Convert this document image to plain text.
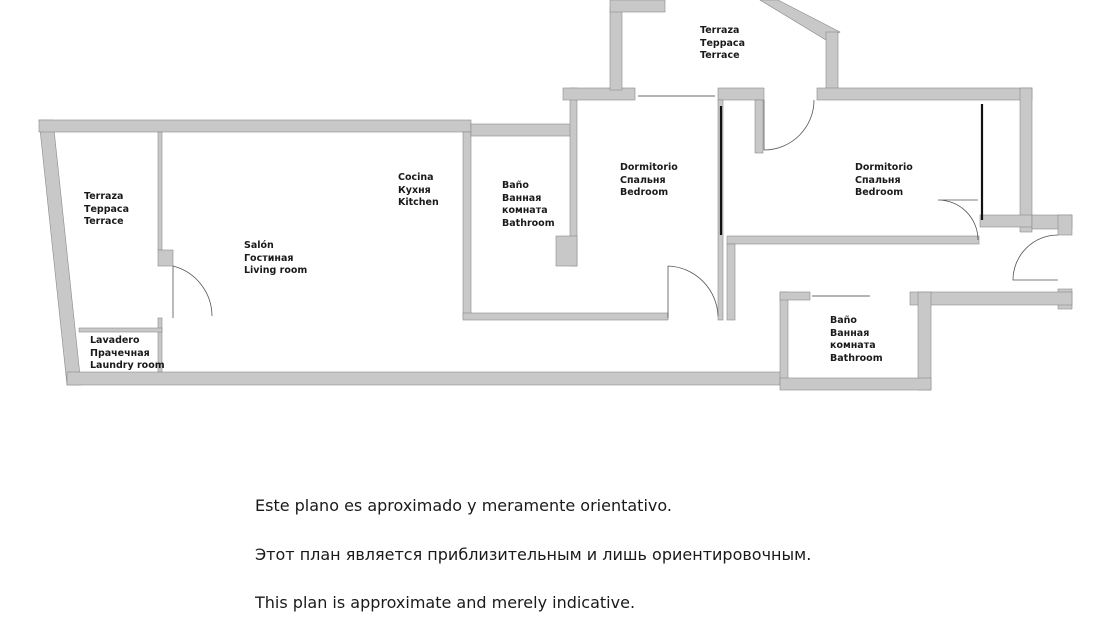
Terraza
Терраса
Terrace
Terraza
Терраса
Terrace
Salón
Гостиная
Living room
Cocina
Кухня
Kitchen
Baño
Ванная
комната
Bathroom
Dormitorio
Спальня
Bedroom
Dormitorio
Спальня
Bedroom
Baño
Ванная
комната
Bathroom
Lavadero
Прачечная
Laundry room
Este plano es aproximado y meramente orientativo.
Этот план является приблизительным и лишь ориентировочным.
This plan is approximate and merely indicative.
